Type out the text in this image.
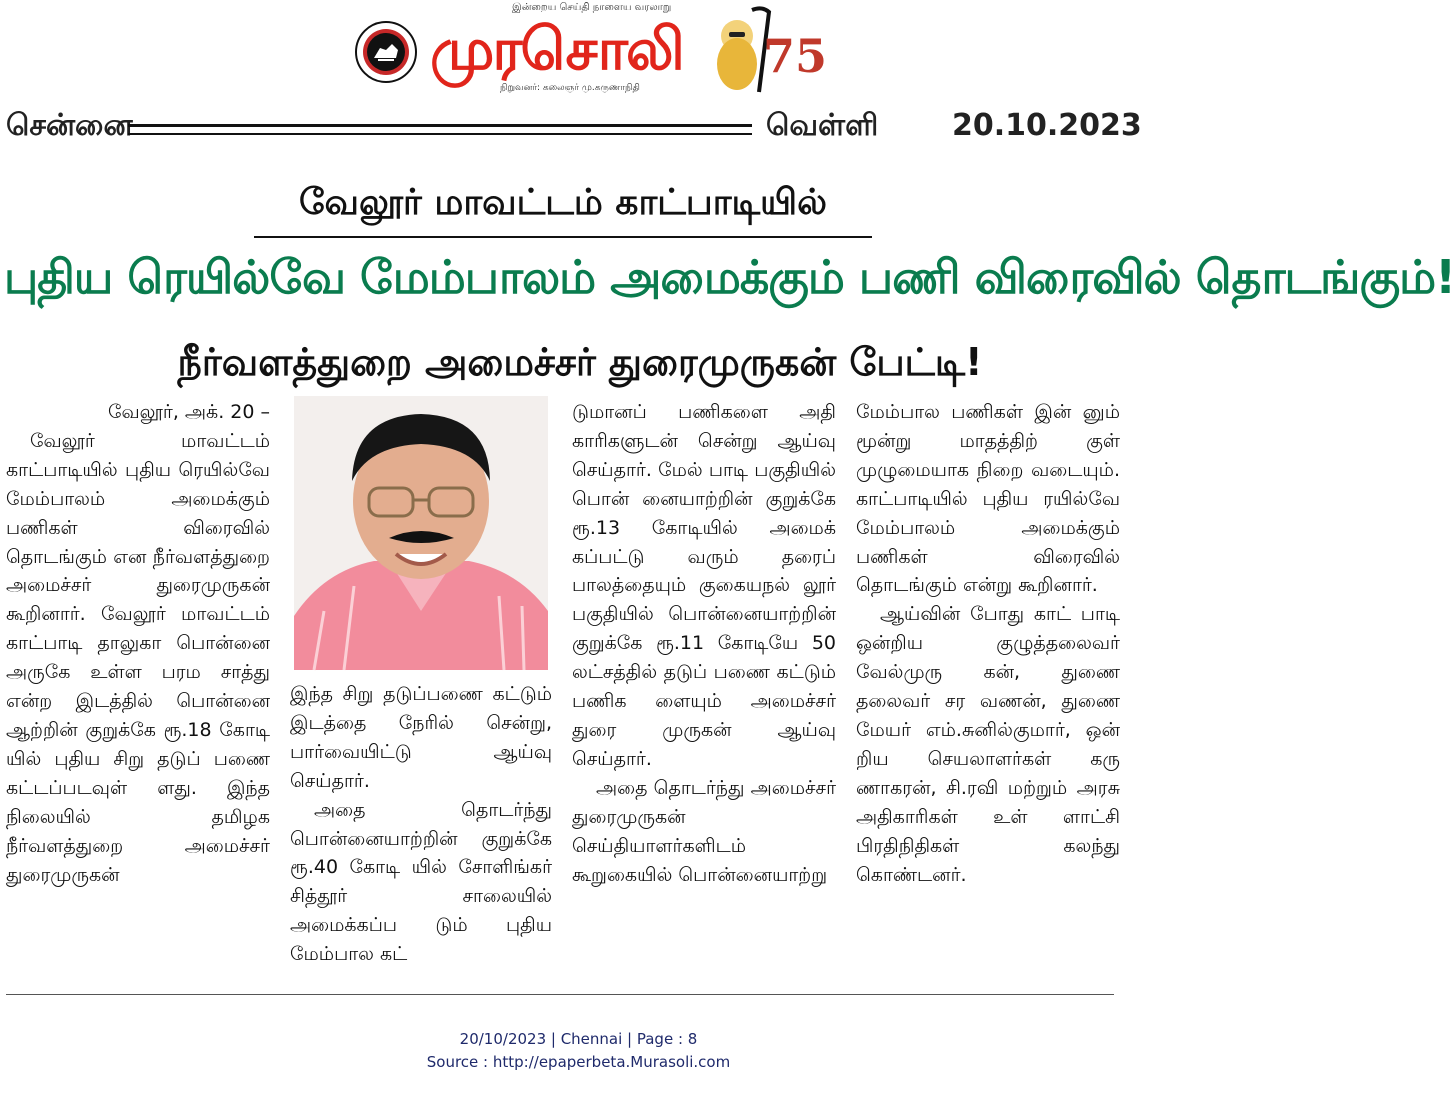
இன்றைய செய்தி நாளைய வரலாறு
முரசொலி
நிறுவனர்: கலைஞர் மு.கருணாநிதி
75
சென்னை	வெள்ளி 20.10.2023
வேலூர் மாவட்டம் காட்பாடியில்
புதிய ரெயில்வே மேம்பாலம் அமைக்கும் பணி விரைவில் தொடங்கும்!
நீர்வளத்துறை அமைச்சர் துரைமுருகன் பேட்டி!

வேலூர், அக். 20 –

வேலூர் மாவட்டம் காட்பாடியில் புதிய ரெயில்வே மேம்பாலம் அமைக்கும் பணிகள் விரைவில் தொடங்கும் என நீர்வளத்துறை அமைச்சர் துரைமுருகன் கூறினார். வேலூர் மாவட்டம் காட்பாடி தாலுகா பொன்னை அருகே உள்ள பரம சாத்து என்ற இடத்தில் பொன்னை ஆற்றின் குறுக்கே ரூ.18 கோடி யில் புதிய சிறு தடுப் பணை கட்டப்படவுள் ளது. இந்த நிலையில் தமிழக நீர்வளத்துறை அமைச்சர் துரைமுருகன்

இந்த சிறு தடுப்பணை கட்டும் இடத்தை நேரில் சென்று, பார்வையிட்டு ஆய்வு செய்தார்.

அதை தொடர்ந்து பொன்னையாற்றின் குறுக்கே ரூ.40 கோடி யில் சோளிங்கர் சித்தூர் சாலையில் அமைக்கப்ப டும் புதிய மேம்பால கட்

டுமானப் பணிகளை அதி காரிகளுடன் சென்று ஆய்வு செய்தார். மேல் பாடி பகுதியில் பொன் னையாற்றின் குறுக்கே ரூ.13 கோடியில் அமைக் கப்பட்டு வரும் தரைப் பாலத்தையும் குகையநல் லூர் பகுதியில் பொன்னையாற்றின் குறுக்கே ரூ.11 கோடியே 50 லட்சத்தில் தடுப் பணை கட்டும் பணிக ளையும் அமைச்சர் துரை முருகன் ஆய்வு செய்தார்.

அதை தொடர்ந்து அமைச்சர் துரைமுருகன் செய்தியாளர்களிடம் கூறுகையில் பொன்னையாற்று

மேம்பால பணிகள் இன் னும் மூன்று மாதத்திற் குள் முழுமையாக நிறை வடையும். காட்பாடியில் புதிய ரயில்வே மேம்பாலம் அமைக்கும் பணிகள் விரைவில் தொடங்கும் என்று கூறினார்.

ஆய்வின் போது காட் பாடி ஒன்றிய குழுத்தலைவர் வேல்முரு கன், துணை தலைவர் சர வணன், துணை மேயர் எம்.சுனில்குமார், ஒன் றிய செயலாளர்கள் கரு ணாகரன், சி.ரவி மற்றும் அரசு அதிகாரிகள் உள் ளாட்சி பிரதிநிதிகள் கலந்து கொண்டனர்.

20/10/2023 | Chennai | Page : 8
Source : http://epaperbeta.Murasoli.com
